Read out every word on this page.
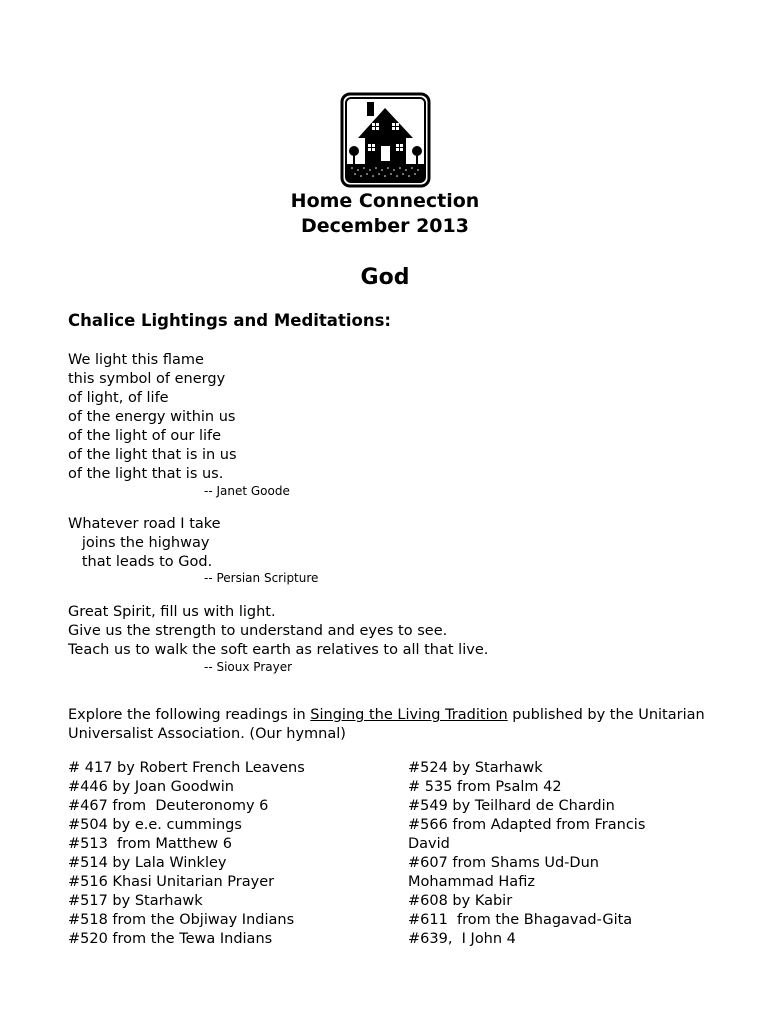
Home Connection
December 2013
God
Chalice Lightings and Meditations:
We light this flame
this symbol of energy
of light, of life
of the energy within us
of the light of our life
of the light that is in us
of the light that is us.
-- Janet Goode
Whatever road I take
joins the highway
that leads to God.
-- Persian Scripture
Great Spirit, fill us with light.
Give us the strength to understand and eyes to see.
Teach us to walk the soft earth as relatives to all that live.
-- Sioux Prayer
Explore the following readings in Singing the Living Tradition published by the Unitarian Universalist Association. (Our hymnal)
# 417 by Robert French Leavens
#446 by Joan Goodwin
#467 from  Deuteronomy 6
#504 by e.e. cummings
#513  from Matthew 6
#514 by Lala Winkley
#516 Khasi Unitarian Prayer
#517 by Starhawk
#518 from the Objiway Indians
#520 from the Tewa Indians
#524 by Starhawk
# 535 from Psalm 42
#549 by Teilhard de Chardin
#566 from Adapted from Francis
David
#607 from Shams Ud-Dun
Mohammad Hafiz
#608 by Kabir
#611  from the Bhagavad-Gita
#639,  I John 4
